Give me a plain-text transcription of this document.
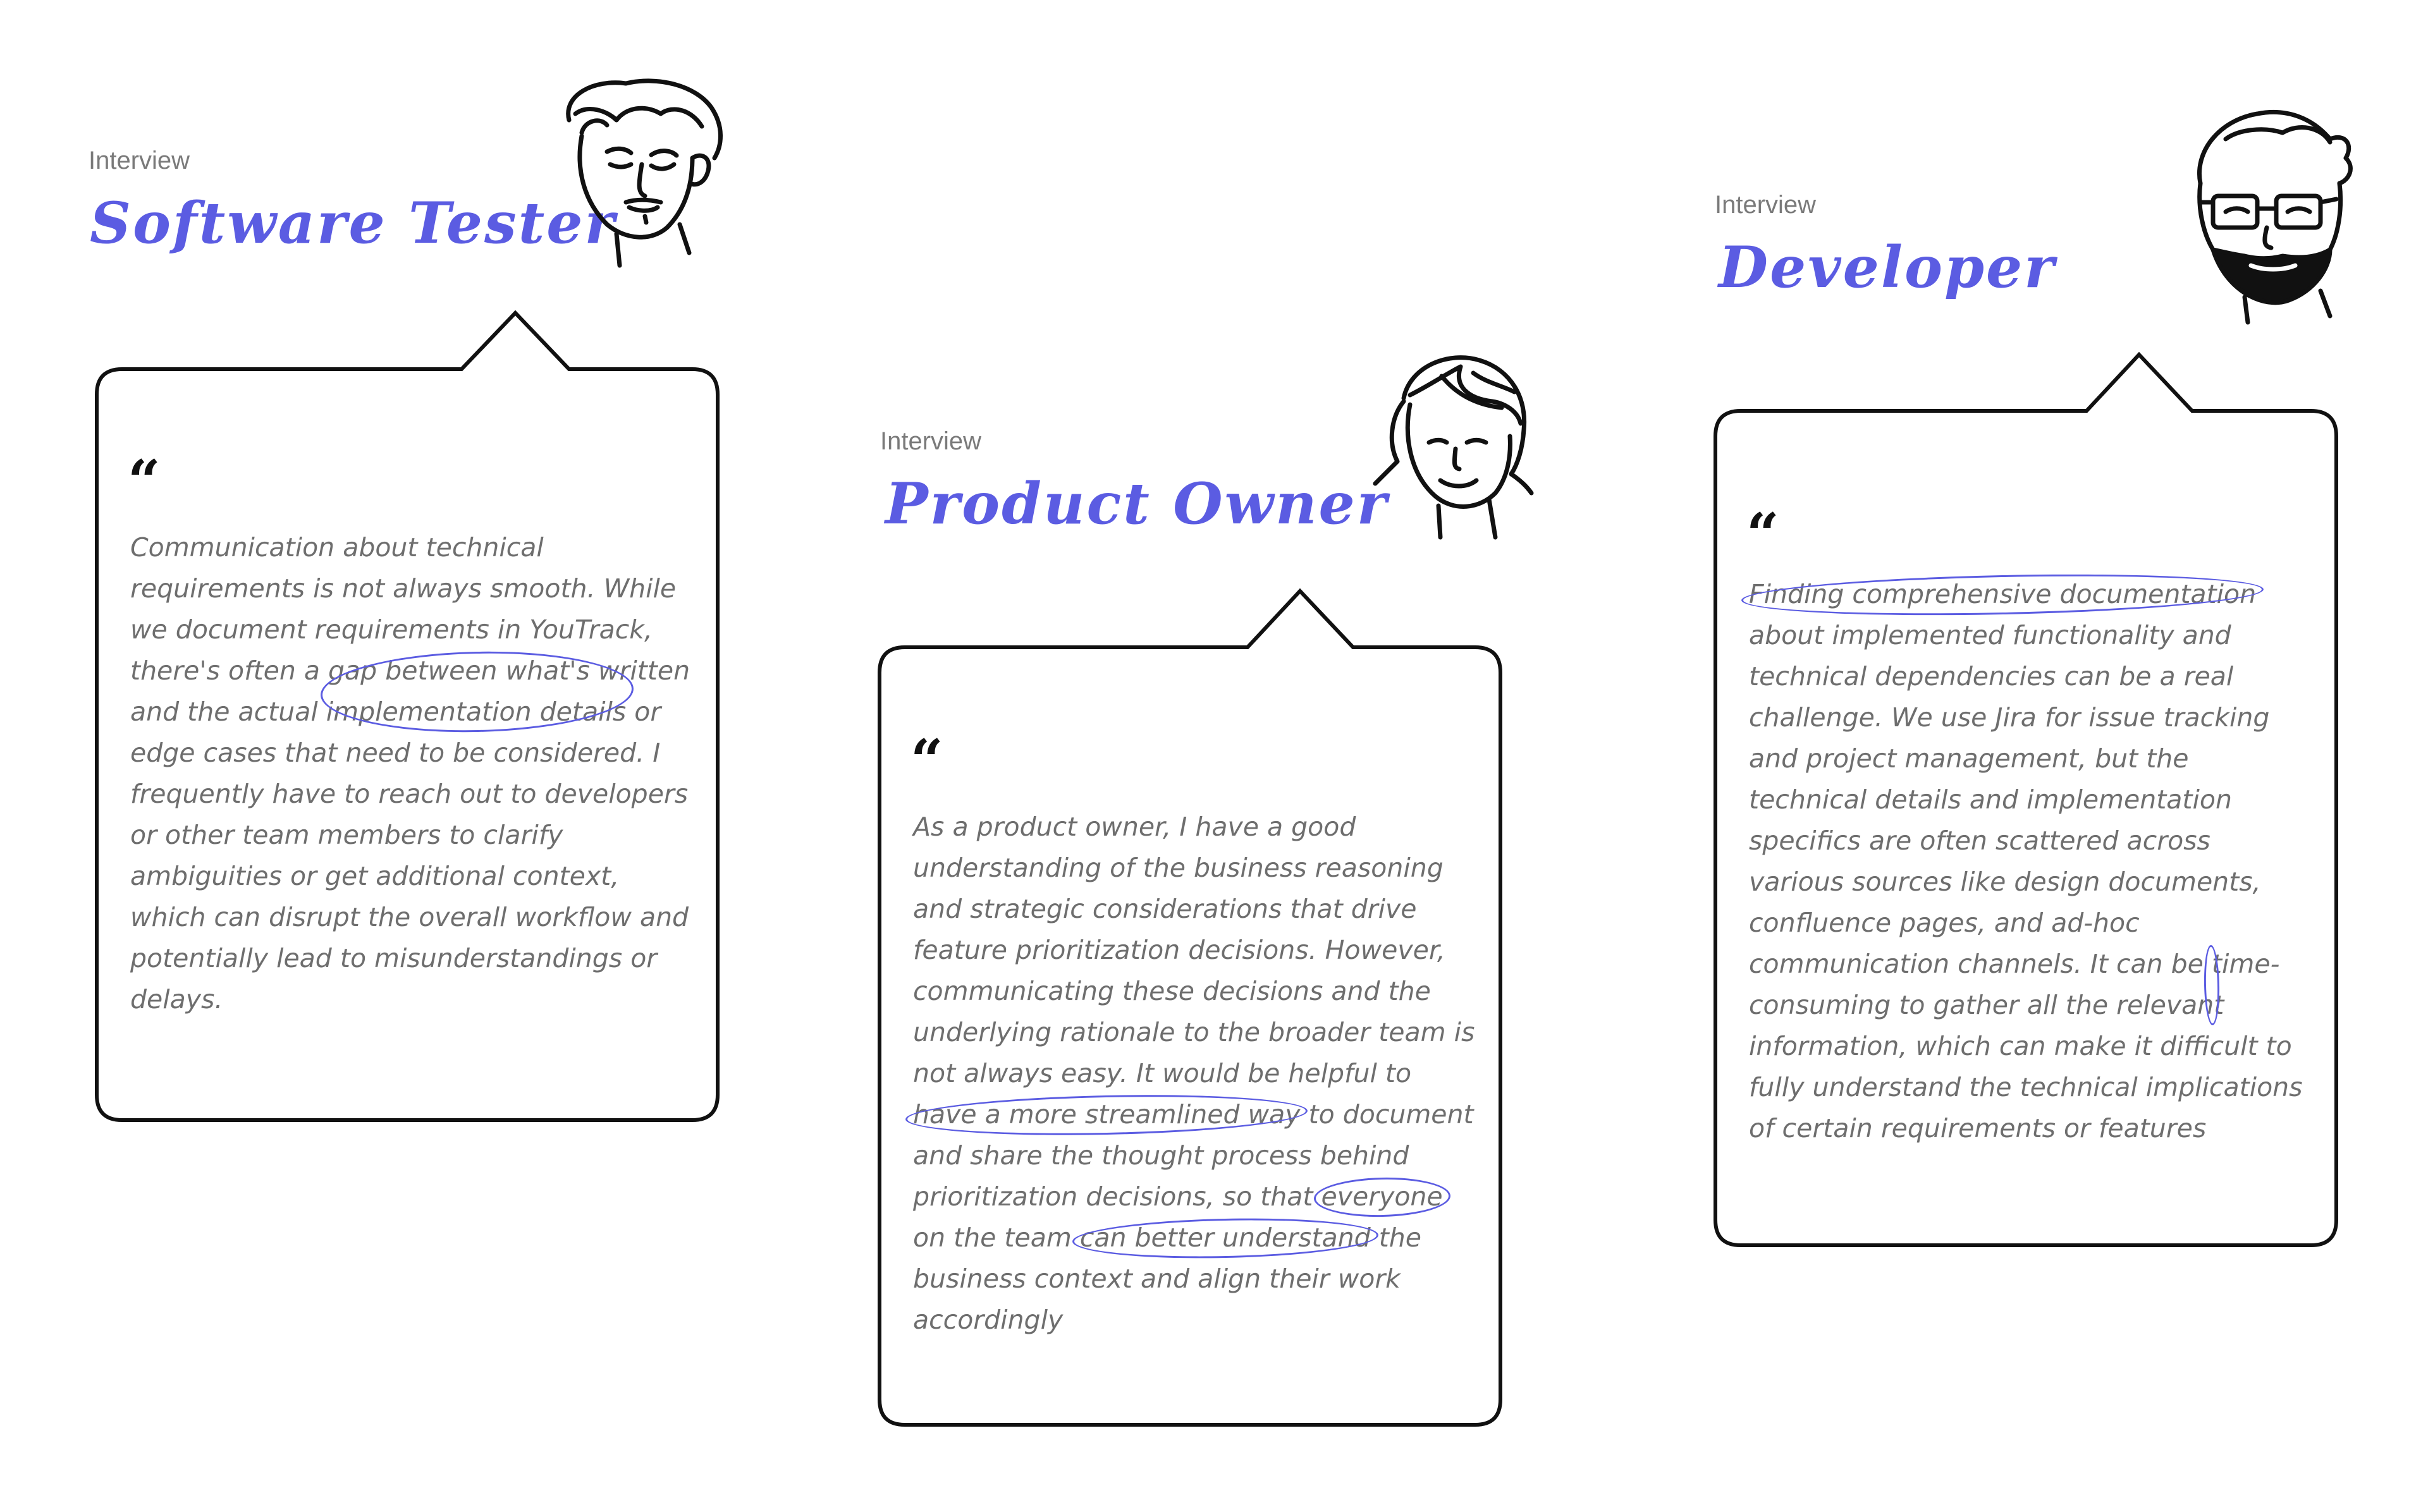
Interview
Software Tester
“
Communication about technical requirements is not always smooth. While we document requirements in YouTrack, there's often a gap between what's written and the actual implementation details or edge cases that need to be considered. I frequently have to reach out to developers or other team members to clarify ambiguities or get additional context, which can disrupt the overall workflow and potentially lead to misunderstandings or delays.
Interview
Product Owner
“
As a product owner, I have a good understanding of the business reasoning and strategic considerations that drive feature prioritization decisions. However, communicating these decisions and the underlying rationale to the broader team is not always easy. It would be helpful to have a more streamlined way to document and share the thought process behind prioritization decisions, so that everyone on the team can better understand the business context and align their work accordingly
Interview
Developer
“
Finding comprehensive documentation about implemented functionality and technical dependencies can be a real challenge. We use Jira for issue tracking and project management, but the technical details and implementation specifics are often scattered across various sources like design documents, confluence pages, and ad-hoc communication channels. It can be time-consuming to gather all the relevant information, which can make it difficult to fully understand the technical implications of certain requirements or features
